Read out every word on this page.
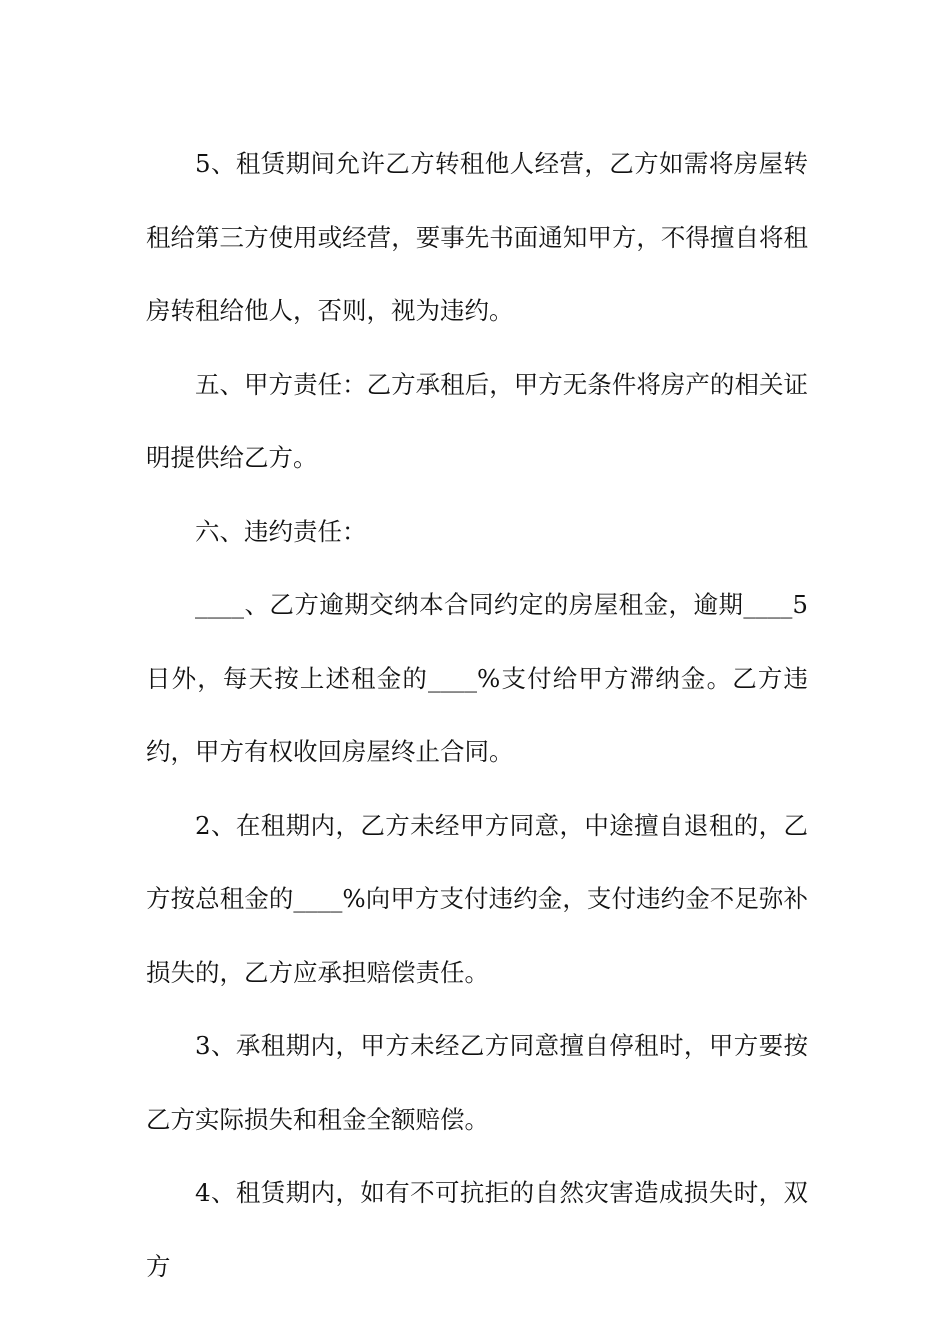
5、租赁期间允许乙方转租他人经营，乙方如需将房屋转租给第三方使用或经营，要事先书面通知甲方，不得擅自将租房转租给他人，否则，视为违约。

五、甲方责任：乙方承租后，甲方无条件将房产的相关证明提供给乙方。

六、违约责任：

____、乙方逾期交纳本合同约定的房屋租金，逾期____5日外，每天按上述租金的____%支付给甲方滞纳金。乙方违约，甲方有权收回房屋终止合同。

2、在租期内，乙方未经甲方同意，中途擅自退租的，乙方按总租金的____%向甲方支付违约金，支付违约金不足弥补损失的，乙方应承担赔偿责任。

3、承租期内，甲方未经乙方同意擅自停租时，甲方要按乙方实际损失和租金全额赔偿。

4、租赁期内，如有不可抗拒的自然灾害造成损失时，双方
